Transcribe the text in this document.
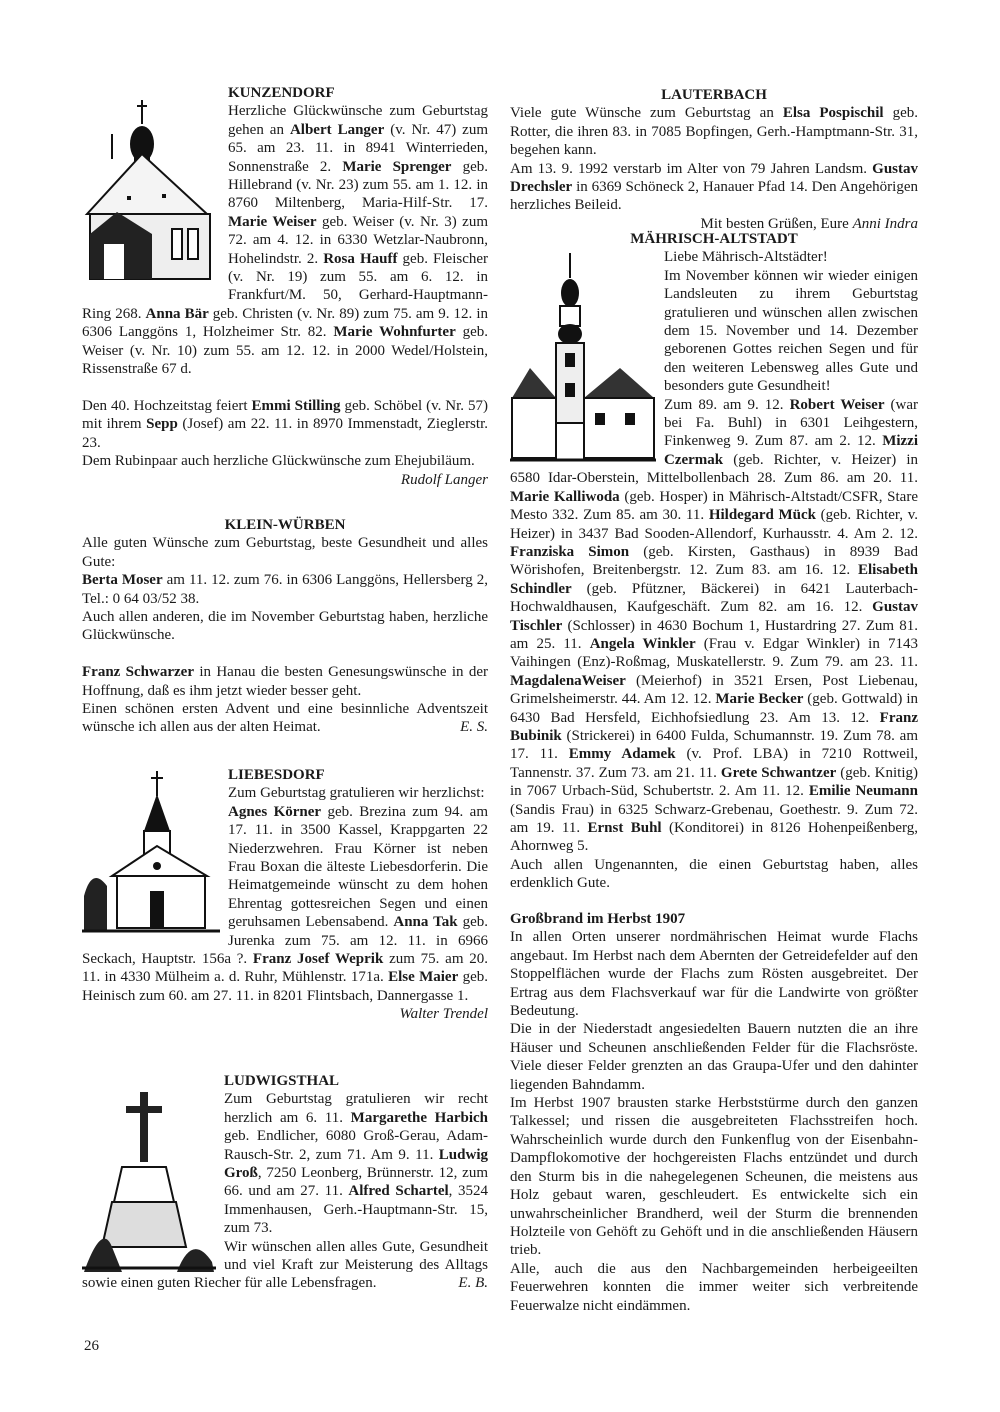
KUNZENDORF

Herzliche Glückwünsche zum Geburtstag gehen an Albert Langer (v. Nr. 47) zum 65. am 23. 11. in 8941 Winterrieden, Sonnenstraße 2. Marie Sprenger geb. Hillebrand (v. Nr. 23) zum 55. am 1. 12. in 8760 Miltenberg, Maria-Hilf-Str. 17. Marie Weiser geb. Weiser (v. Nr. 3) zum 72. am 4. 12. in 6330 Wetzlar-Naubronn, Hohelindstr. 2. Rosa Hauff geb. Fleischer (v. Nr. 19) zum 55. am 6. 12. in Frankfurt/M. 50, Gerhard-Hauptmann-Ring 268. Anna Bär geb. Christen (v. Nr. 89) zum 75. am 9. 12. in 6306 Langgöns 1, Holzheimer Str. 82. Marie Wohnfurter geb. Weiser (v. Nr. 10) zum 55. am 12. 12. in 2000 Wedel/Holstein, Rissenstraße 67 d.

Den 40. Hochzeitstag feiert Emmi Stilling geb. Schöbel (v. Nr. 57) mit ihrem Sepp (Josef) am 22. 11. in 8970 Immenstadt, Zieglerstr. 23.

Dem Rubinpaar auch herzliche Glückwünsche zum Ehejubiläum.
Rudolf Langer

KLEIN-WÜRBEN

Alle guten Wünsche zum Geburtstag, beste Gesundheit und alles Gute:

Berta Moser am 11. 12. zum 76. in 6306 Langgöns, Hellersberg 2, Tel.: 0 64 03/52 38.

Auch allen anderen, die im November Geburtstag haben, herzliche Glückwünsche.

Franz Schwarzer in Hanau die besten Genesungswünsche in der Hoffnung, daß es ihm jetzt wieder besser geht.

Einen schönen ersten Advent und eine besinnliche Adventszeit wünsche ich allen aus der alten Heimat.	E. S.

LIEBESDORF

Zum Geburtstag gratulieren wir herzlichst:

Agnes Körner geb. Brezina zum 94. am 17. 11. in 3500 Kassel, Krappgarten 22 Niederzwehren. Frau Körner ist neben Frau Boxan die älteste Liebesdorferin. Die Heimatgemeinde wünscht zu dem hohen Ehrentag gottesreichen Segen und einen geruhsamen Lebensabend. Anna Tak geb. Jurenka zum 75. am 12. 11. in 6966 Seckach, Hauptstr. 156a ?. Franz Josef Weprik zum 75. am 20. 11. in 4330 Mülheim a. d. Ruhr, Mühlenstr. 171a. Else Maier geb. Heinisch zum 60. am 27. 11. in 8201 Flintsbach, Dannergasse 1.
Walter Trendel

LUDWIGSTHAL

Zum Geburtstag gratulieren wir recht herzlich am 6. 11. Margarethe Harbich geb. Endlicher, 6080 Groß-Gerau, Adam-Rausch-Str. 2, zum 71. Am 9. 11. Ludwig Groß, 7250 Leonberg, Brünnerstr. 12, zum 66. und am 27. 11. Alfred Schartel, 3524 Immenhausen, Gerh.-Hauptmann-Str. 15, zum 73.

Wir wünschen allen alles Gute, Gesundheit und viel Kraft zur Meisterung des Alltags sowie einen guten Riecher für alle Lebensfragen.	E. B.

26
LAUTERBACH

Viele gute Wünsche zum Geburtstag an Elsa Pospischil geb. Rotter, die ihren 83. in 7085 Bopfingen, Gerh.-Hamptmann-Str. 31, begehen kann.

Am 13. 9. 1992 verstarb im Alter von 79 Jahren Landsm. Gustav Drechsler in 6369 Schöneck 2, Hanauer Pfad 14. Den Angehörigen herzliches Beileid.

Mit besten Grüßen, Eure Anni Indra

MÄHRISCH-ALTSTADT

Liebe Mährisch-Altstädter!

Im November können wir wieder einigen Landsleuten zu ihrem Geburtstag gratulieren und wünschen allen zwischen dem 15. November und 14. Dezember geborenen Gottes reichen Segen und für den weiteren Lebensweg alles Gute und besonders gute Gesundheit!

Zum 89. am 9. 12. Robert Weiser (war bei Fa. Buhl) in 6301 Leihgestern, Finkenweg 9. Zum 87. am 2. 12. Mizzi Czermak (geb. Richter, v. Heizer) in 6580 Idar-Oberstein, Mittelbollenbach 28. Zum 86. am 20. 11. Marie Kalliwoda (geb. Hosper) in Mährisch-Altstadt/CSFR, Stare Mesto 332. Zum 85. am 30. 11. Hildegard Mück (geb. Richter, v. Heizer) in 3437 Bad Sooden-Allendorf, Kurhausstr. 4. Am 2. 12. Franziska Simon (geb. Kirsten, Gasthaus) in 8939 Bad Wörishofen, Breitenbergstr. 12. Zum 83. am 16. 12. Elisabeth Schindler (geb. Pfützner, Bäckerei) in 6421 Lauterbach-Hochwaldhausen, Kaufgeschäft. Zum 82. am 16. 12. Gustav Tischler (Schlosser) in 4630 Bochum 1, Hustardring 27. Zum 81. am 25. 11. Angela Winkler (Frau v. Edgar Winkler) in 7143 Vaihingen (Enz)-Roßmag, Muskatellerstr. 9. Zum 79. am 23. 11. MagdalenaWeiser (Meierhof) in 3521 Ersen, Post Liebenau, Grimelsheimerstr. 44. Am 12. 12. Marie Becker (geb. Gottwald) in 6430 Bad Hersfeld, Eichhofsiedlung 23. Am 13. 12. Franz Bubinik (Strickerei) in 6400 Fulda, Schumannstr. 19. Zum 78. am 17. 11. Emmy Adamek (v. Prof. LBA) in 7210 Rottweil, Tannenstr. 37. Zum 73. am 21. 11. Grete Schwantzer (geb. Knitig) in 7067 Urbach-Süd, Schubertstr. 2. Am 11. 12. Emilie Neumann (Sandis Frau) in 6325 Schwarz-Grebenau, Goethestr. 9. Zum 72. am 19. 11. Ernst Buhl (Konditorei) in 8126 Hohenpeißenberg, Ahornweg 5.

Auch allen Ungenannten, die einen Geburtstag haben, alles erdenklich Gute.

Großbrand im Herbst 1907

In allen Orten unserer nordmährischen Heimat wurde Flachs angebaut. Im Herbst nach dem Abernten der Getreidefelder auf den Stoppelflächen wurde der Flachs zum Rösten ausgebreitet. Der Ertrag aus dem Flachsverkauf war für die Landwirte von größter Bedeutung.

Die in der Niederstadt angesiedelten Bauern nutzten die an ihre Häuser und Scheunen anschließenden Felder für die Flachsröste. Viele dieser Felder grenzten an das Graupa-Ufer und den dahinter liegenden Bahndamm.

Im Herbst 1907 brausten starke Herbststürme durch den ganzen Talkessel; und rissen die ausgebreiteten Flachsstreifen hoch. Wahrscheinlich wurde durch den Funkenflug von der Eisenbahn-Dampflokomotive der hochgereisten Flachs entzündet und durch den Sturm bis in die nahegelegenen Scheunen, die meistens aus Holz gebaut waren, geschleudert. Es entwickelte sich ein unwahrscheinlicher Brandherd, weil der Sturm die brennenden Holzteile von Gehöft zu Gehöft und in die anschließenden Häusern trieb.

Alle, auch die aus den Nachbargemeinden herbeigeeilten Feuerwehren konnten die immer weiter sich verbreitende Feuerwalze nicht eindämmen.
